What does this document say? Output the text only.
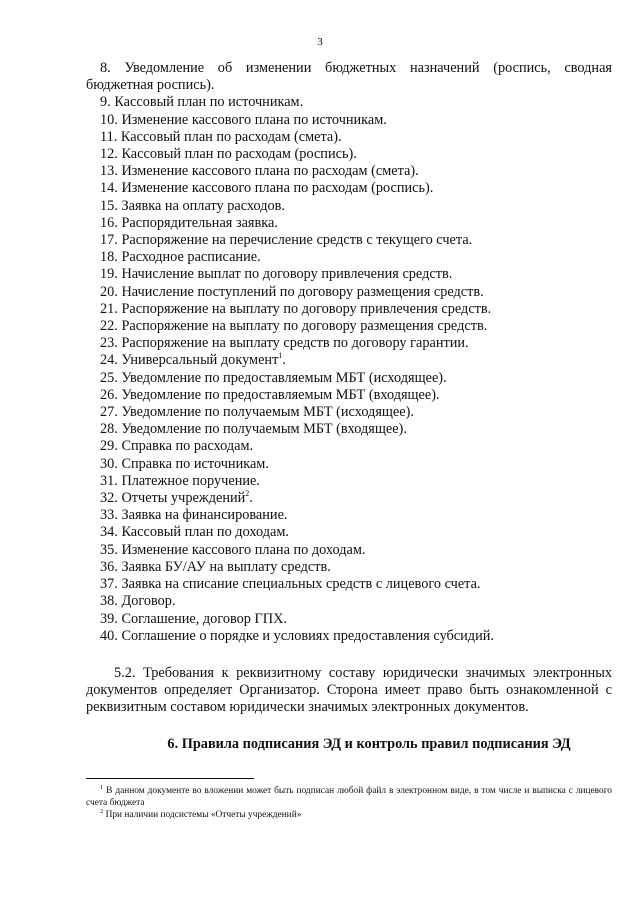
3

8. Уведомление об изменении бюджетных назначений (роспись, сводная бюджетная роспись).

9. Кассовый план по источникам.

10. Изменение кассового плана по источникам.

11. Кассовый план по расходам (смета).

12. Кассовый план по расходам (роспись).

13. Изменение кассового плана по расходам (смета).

14. Изменение кассового плана по расходам (роспись).

15. Заявка на оплату расходов.

16. Распорядительная заявка.

17. Распоряжение на перечисление средств с текущего счета.

18. Расходное расписание.

19. Начисление выплат по договору привлечения средств.

20. Начисление поступлений по договору размещения средств.

21. Распоряжение на выплату по договору привлечения средств.

22. Распоряжение на выплату по договору размещения средств.

23. Распоряжение на выплату средств по договору гарантии.

24. Универсальный документ$^1$.

25. Уведомление по предоставляемым МБТ (исходящее).

26. Уведомление по предоставляемым МБТ (входящее).

27. Уведомление по получаемым МБТ (исходящее).

28. Уведомление по получаемым МБТ (входящее).

29. Справка по расходам.

30. Справка по источникам.

31. Платежное поручение.

32. Отчеты учреждений$^2$.

33. Заявка на финансирование.

34. Кассовый план по доходам.

35. Изменение кассового плана по доходам.

36. Заявка БУ/АУ на выплату средств.

37. Заявка на списание специальных средств с лицевого счета.

38. Договор.

39. Соглашение, договор ГПХ.

40. Соглашение о порядке и условиях предоставления субсидий.

5.2. Требования к реквизитному составу юридически значимых электронных документов определяет Организатор. Сторона имеет право быть ознакомленной с реквизитным составом юридически значимых электронных документов.

6. Правила подписания ЭД и контроль правил подписания ЭД

$^1$ В данном документе во вложении может быть подписан любой файл в электронном виде, в том числе и выписка с лицевого счета бюджета

$^2$ При наличии подсистемы «Отчеты учреждений»
